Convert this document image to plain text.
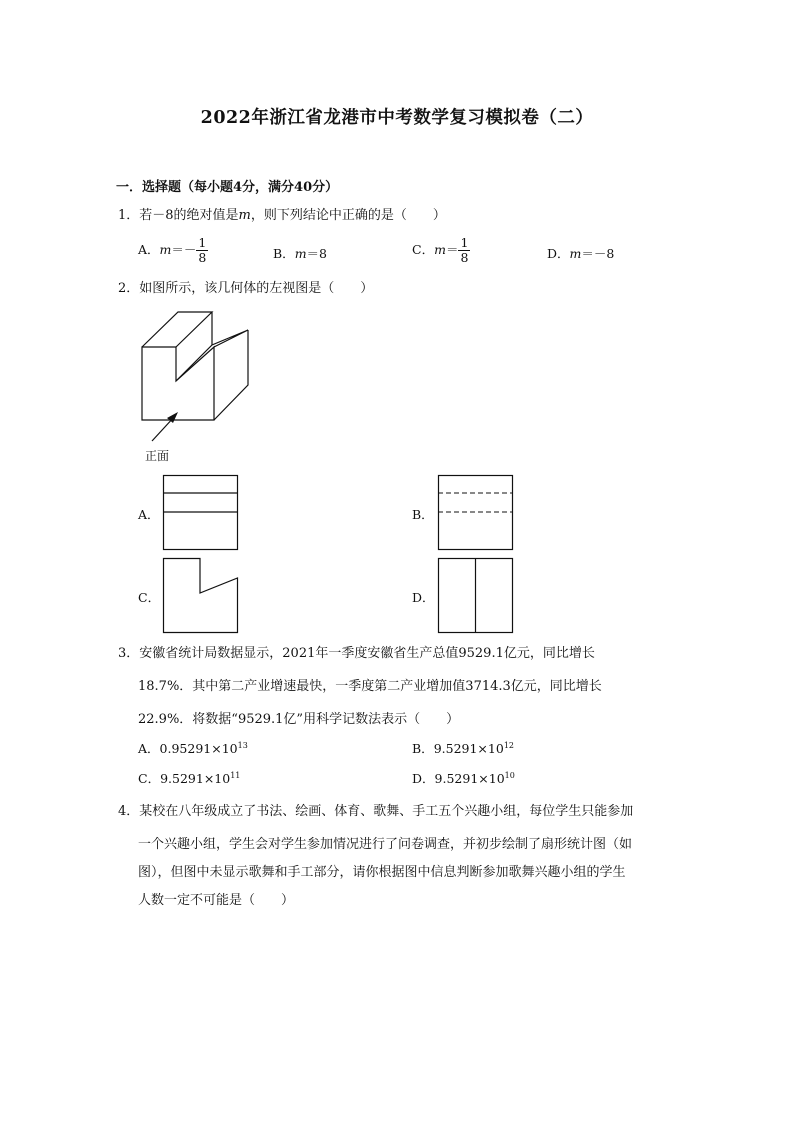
2022年浙江省龙港市中考数学复习模拟卷（二）
一．选择题（每小题4分，满分40分）
1．若－8的绝对值是m，则下列结论中正确的是（　　）
A．$m=- \frac{1}{8}$	B．m＝8	C．$m= \frac{1}{8}$	D．m＝－8
2．如图所示，该几何体的左视图是（　　）
正面
A．	B．
C．	D．
3．安徽省统计局数据显示，2021年一季度安徽省生产总值9529.1亿元，同比增长
18.7%．其中第二产业增速最快，一季度第二产业增加值3714.3亿元，同比增长
22.9%．将数据“9529.1亿”用科学记数法表示（　　）
A．$0.95291\times 10^{13}$	B．$9.5291\times 10^{12}$
C．$9.5291\times 10^{11}$	D．$9.5291\times 10^{10}$
4．某校在八年级成立了书法、绘画、体育、歌舞、手工五个兴趣小组，每位学生只能参加
一个兴趣小组，学生会对学生参加情况进行了问卷调查，并初步绘制了扇形统计图（如
图），但图中未显示歌舞和手工部分，请你根据图中信息判断参加歌舞兴趣小组的学生
人数一定不可能是（　　）
